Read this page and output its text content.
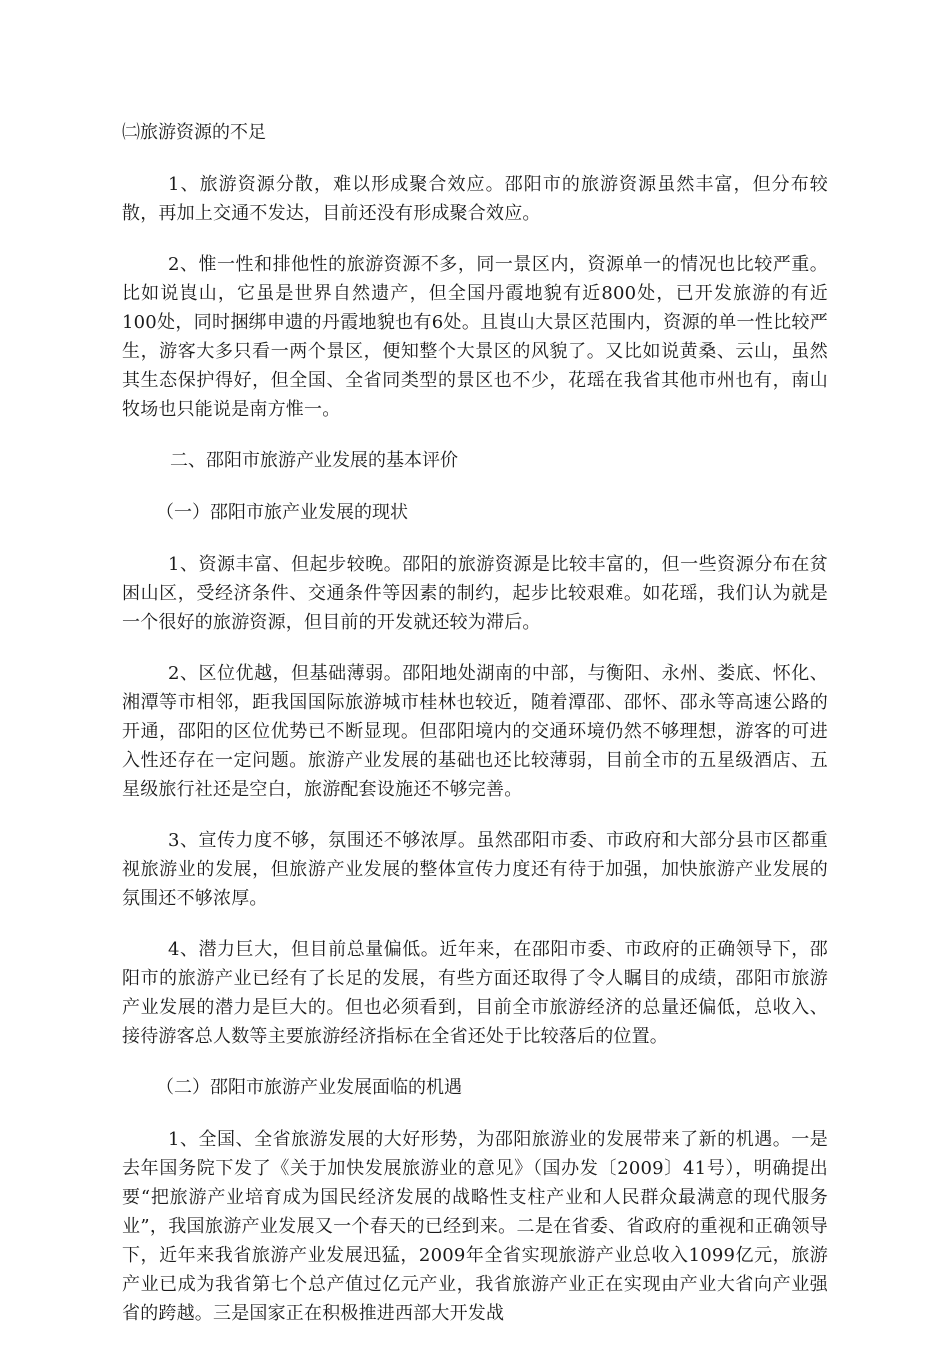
㈡旅游资源的不足

1、旅游资源分散，难以形成聚合效应。邵阳市的旅游资源虽然丰富，但分布较散，再加上交通不发达，目前还没有形成聚合效应。

2、惟一性和排他性的旅游资源不多，同一景区内，资源单一的情况也比较严重。比如说崀山，它虽是世界自然遗产，但全国丹霞地貌有近800处，已开发旅游的有近100处，同时捆绑申遗的丹霞地貌也有6处。且崀山大景区范围内，资源的单一性比较严生，游客大多只看一两个景区，便知整个大景区的风貌了。又比如说黄桑、云山，虽然其生态保护得好，但全国、全省同类型的景区也不少，花瑶在我省其他市州也有，南山牧场也只能说是南方惟一。

二、邵阳市旅游产业发展的基本评价

（一）邵阳市旅产业发展的现状

1、资源丰富、但起步较晚。邵阳的旅游资源是比较丰富的，但一些资源分布在贫困山区，受经济条件、交通条件等因素的制约，起步比较艰难。如花瑶，我们认为就是一个很好的旅游资源，但目前的开发就还较为滞后。

2、区位优越，但基础薄弱。邵阳地处湖南的中部，与衡阳、永州、娄底、怀化、湘潭等市相邻，距我国国际旅游城市桂林也较近，随着潭邵、邵怀、邵永等高速公路的开通，邵阳的区位优势已不断显现。但邵阳境内的交通环境仍然不够理想，游客的可进入性还存在一定问题。旅游产业发展的基础也还比较薄弱，目前全市的五星级酒店、五星级旅行社还是空白，旅游配套设施还不够完善。

3、宣传力度不够，氛围还不够浓厚。虽然邵阳市委、市政府和大部分县市区都重视旅游业的发展，但旅游产业发展的整体宣传力度还有待于加强，加快旅游产业发展的氛围还不够浓厚。

4、潜力巨大，但目前总量偏低。近年来，在邵阳市委、市政府的正确领导下，邵阳市的旅游产业已经有了长足的发展，有些方面还取得了令人瞩目的成绩，邵阳市旅游产业发展的潜力是巨大的。但也必须看到，目前全市旅游经济的总量还偏低，总收入、接待游客总人数等主要旅游经济指标在全省还处于比较落后的位置。

（二）邵阳市旅游产业发展面临的机遇

1、全国、全省旅游发展的大好形势，为邵阳旅游业的发展带来了新的机遇。一是去年国务院下发了《关于加快发展旅游业的意见》（国办发〔2009〕41号），明确提出要“把旅游产业培育成为国民经济发展的战略性支柱产业和人民群众最满意的现代服务业”，我国旅游产业发展又一个春天的已经到来。二是在省委、省政府的重视和正确领导下，近年来我省旅游产业发展迅猛，2009年全省实现旅游产业总收入1099亿元，旅游产业已成为我省第七个总产值过亿元产业，我省旅游产业正在实现由产业大省向产业强省的跨越。三是国家正在积极推进西部大开发战
